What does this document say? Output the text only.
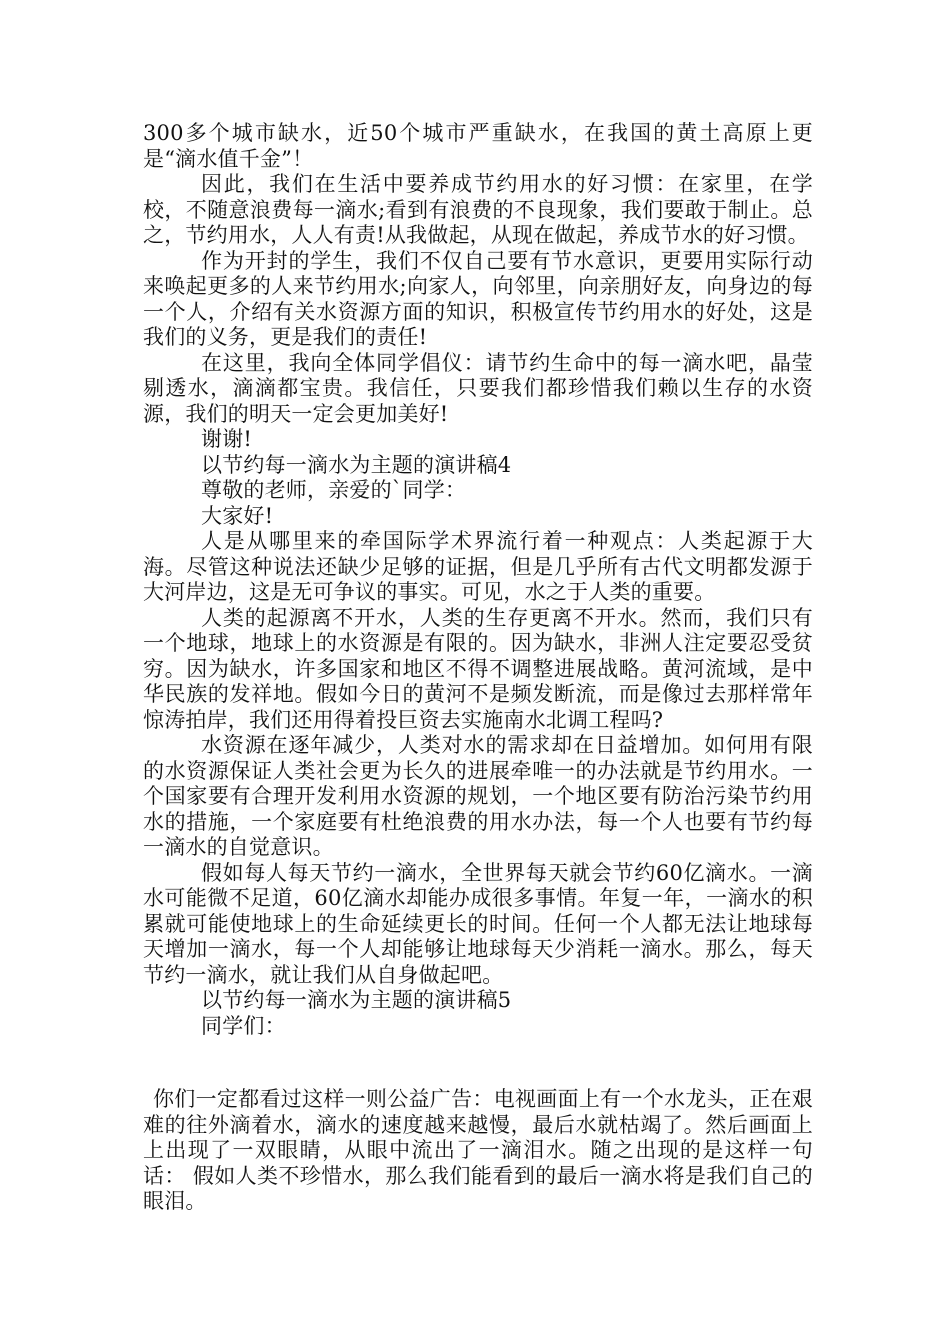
300多个城市缺水，近50个城市严重缺水，在我国的黄土高原上更是“滴水值千金”！

因此，我们在生活中要养成节约用水的好习惯：在家里，在学校，不随意浪费每一滴水;看到有浪费的不良现象，我们要敢于制止。总之，节约用水，人人有责!从我做起，从现在做起，养成节水的好习惯。

作为开封的学生，我们不仅自己要有节水意识，更要用实际行动来唤起更多的人来节约用水;向家人，向邻里，向亲朋好友，向身边的每一个人，介绍有关水资源方面的知识，积极宣传节约用水的好处，这是我们的义务，更是我们的责任!

在这里，我向全体同学倡仪：请节约生命中的每一滴水吧，晶莹剔透水，滴滴都宝贵。我信任，只要我们都珍惜我们赖以生存的水资源，我们的明天一定会更加美好!

谢谢!

以节约每一滴水为主题的演讲稿4

尊敬的老师，亲爱的`同学：

大家好!

人是从哪里来的牵国际学术界流行着一种观点：人类起源于大海。尽管这种说法还缺少足够的证据，但是几乎所有古代文明都发源于大河岸边，这是无可争议的事实。可见，水之于人类的重要。

人类的起源离不开水，人类的生存更离不开水。然而，我们只有一个地球，地球上的水资源是有限的。因为缺水，非洲人注定要忍受贫穷。因为缺水，许多国家和地区不得不调整进展战略。黄河流域，是中华民族的发祥地。假如今日的黄河不是频发断流，而是像过去那样常年惊涛拍岸，我们还用得着投巨资去实施南水北调工程吗?

水资源在逐年减少，人类对水的需求却在日益增加。如何用有限的水资源保证人类社会更为长久的进展牵唯一的办法就是节约用水。一个国家要有合理开发利用水资源的规划，一个地区要有防治污染节约用水的措施，一个家庭要有杜绝浪费的用水办法，每一个人也要有节约每一滴水的自觉意识。

假如每人每天节约一滴水，全世界每天就会节约60亿滴水。一滴水可能微不足道，60亿滴水却能办成很多事情。年复一年，一滴水的积累就可能使地球上的生命延续更长的时间。任何一个人都无法让地球每天增加一滴水，每一个人却能够让地球每天少消耗一滴水。那么，每天节约一滴水，就让我们从自身做起吧。

以节约每一滴水为主题的演讲稿5

同学们：

你们一定都看过这样一则公益广告：电视画面上有一个水龙头，正在艰难的往外滴着水，滴水的速度越来越慢，最后水就枯竭了。然后画面上上出现了一双眼睛，从眼中流出了一滴泪水。随之出现的是这样一句话： 假如人类不珍惜水，那么我们能看到的最后一滴水将是我们自己的眼泪。
